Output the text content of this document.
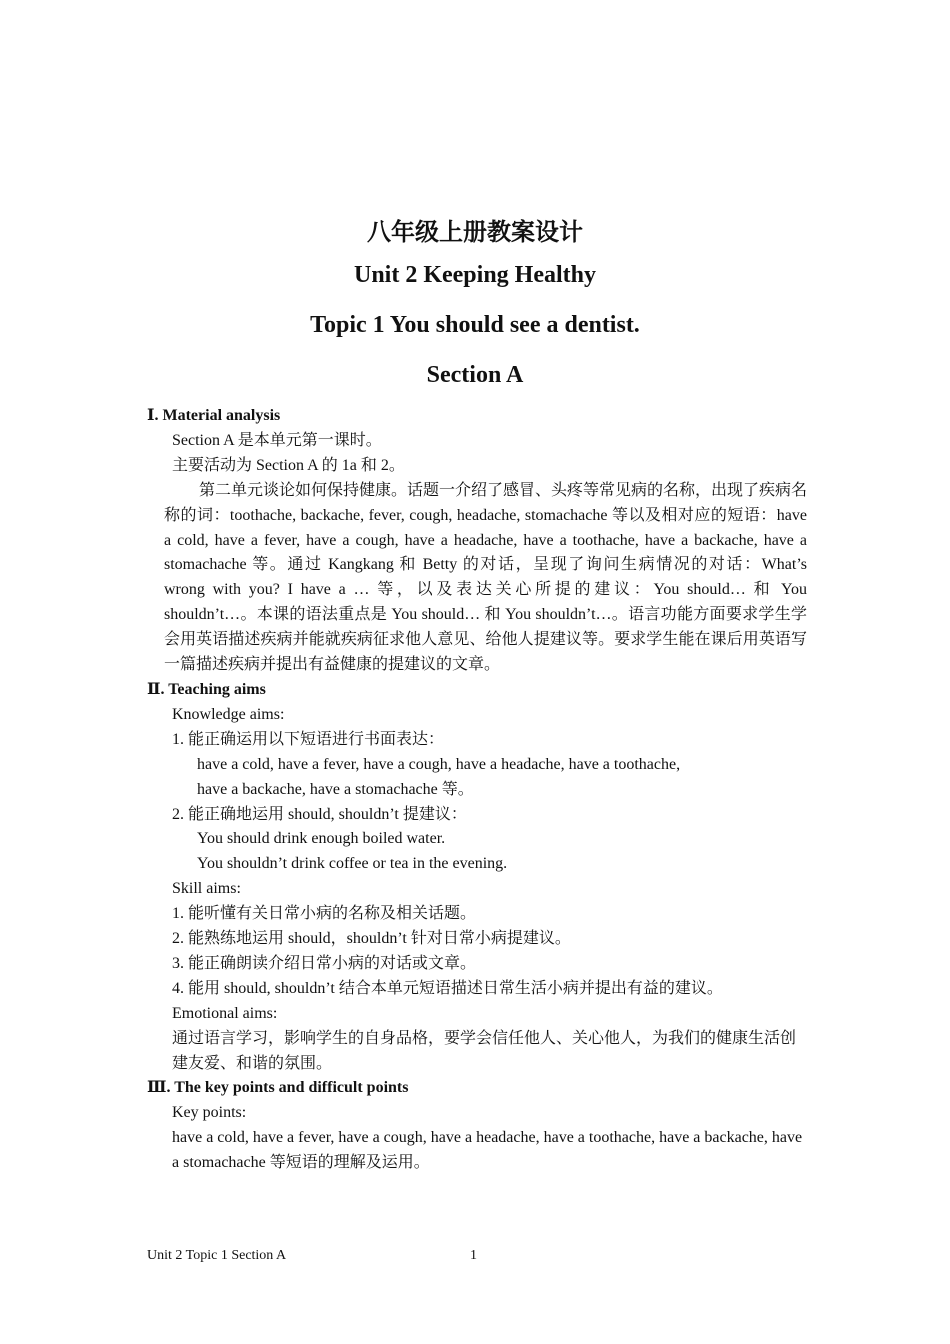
八年级上册教案设计
Unit 2 Keeping Healthy
Topic 1 You should see a dentist.
Section A
Ⅰ. Material analysis
Section A 是本单元第一课时。
主要活动为 Section A 的 1a 和 2。
第二单元谈论如何保持健康。话题一介绍了感冒、头疼等常见病的名称，出现了疾病名称的词：toothache, backache, fever, cough, headache, stomachache 等以及相对应的短语：have a cold, have a fever, have a cough, have a headache, have a toothache, have a backache, have a stomachache 等。通过 Kangkang 和 Betty 的对话，呈现了询问生病情况的对话：What’s wrong with you? I have a … 等，以及表达关心所提的建议：You should… 和 You shouldn’t…。本课的语法重点是 You should… 和 You shouldn’t…。语言功能方面要求学生学会用英语描述疾病并能就疾病征求他人意见、给他人提建议等。要求学生能在课后用英语写一篇描述疾病并提出有益健康的提建议的文章。
Ⅱ. Teaching aims
Knowledge aims:
1. 能正确运用以下短语进行书面表达：
have a cold, have a fever, have a cough, have a headache, have a toothache,
have a backache, have a stomachache 等。
2. 能正确地运用 should, shouldn’t 提建议：
You should drink enough boiled water.
You shouldn’t drink coffee or tea in the evening.
Skill aims:
1. 能听懂有关日常小病的名称及相关话题。
2. 能熟练地运用 should，shouldn’t 针对日常小病提建议。
3. 能正确朗读介绍日常小病的对话或文章。
4. 能用 should, shouldn’t 结合本单元短语描述日常生活小病并提出有益的建议。
Emotional aims:
通过语言学习，影响学生的自身品格，要学会信任他人、关心他人，为我们的健康生活创建友爱、和谐的氛围。
Ⅲ. The key points and difficult points
Key points:
have a cold, have a fever, have a cough, have a headache, have a toothache, have a backache, have a stomachache 等短语的理解及运用。
Unit 2 Topic 1 Section A	1
